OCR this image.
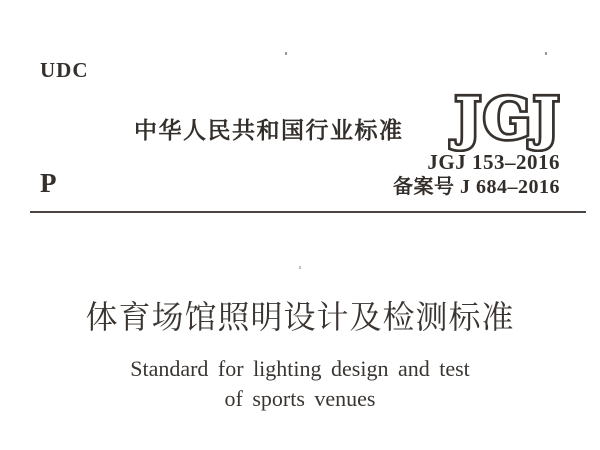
UDC
中华人民共和国行业标准 JGJ
JGJ 153–2016
备案号 J 684–2016
P
体育场馆照明设计及检测标准
Standard for lighting design and test
of sports venues
